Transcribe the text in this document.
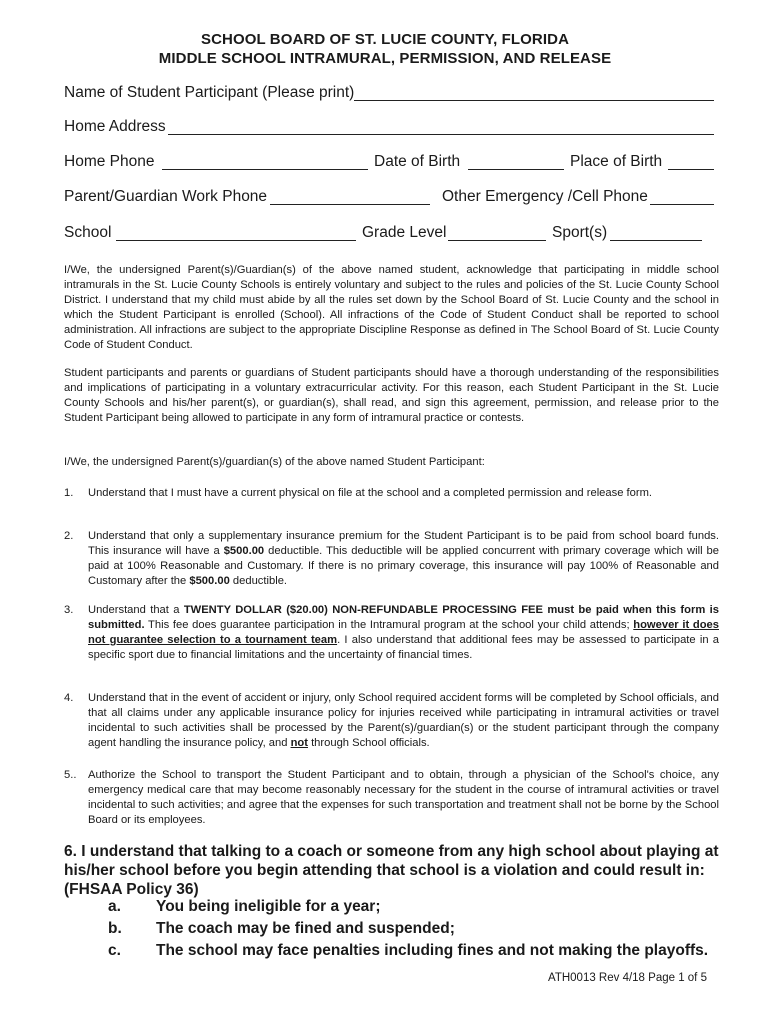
SCHOOL BOARD OF ST. LUCIE COUNTY, FLORIDA
MIDDLE SCHOOL INTRAMURAL, PERMISSION, AND RELEASE
Name of Student Participant (Please print)
Home Address
Home Phone	Date of Birth	Place of Birth
Parent/Guardian Work Phone	Other Emergency /Cell Phone
School	Grade Level	Sport(s)
I/We, the undersigned Parent(s)/Guardian(s) of the above named student, acknowledge that participating in middle school intramurals in the St. Lucie County Schools is entirely voluntary and subject to the rules and policies of the St. Lucie County School District. I understand that my child must abide by all the rules set down by the School Board of St. Lucie County and the school in which the Student Participant is enrolled (School). All infractions of the Code of Student Conduct shall be reported to school administration. All infractions are subject to the appropriate Discipline Response as defined in The School Board of St. Lucie County Code of Student Conduct.
Student participants and parents or guardians of Student participants should have a thorough understanding of the responsibilities and implications of participating in a voluntary extracurricular activity. For this reason, each Student Participant in the St. Lucie County Schools and his/her parent(s), or guardian(s), shall read, and sign this agreement, permission, and release prior to the Student Participant being allowed to participate in any form of intramural practice or contests.
I/We, the undersigned Parent(s)/guardian(s) of the above named Student Participant:
1. Understand that I must have a current physical on file at the school and a completed permission and release form.
2. Understand that only a supplementary insurance premium for the Student Participant is to be paid from school board funds. This insurance will have a $500.00 deductible. This deductible will be applied concurrent with primary coverage which will be paid at 100% Reasonable and Customary. If there is no primary coverage, this insurance will pay 100% of Reasonable and Customary after the $500.00 deductible.
3. Understand that a TWENTY DOLLAR ($20.00) NON-REFUNDABLE PROCESSING FEE must be paid when this form is submitted. This fee does guarantee participation in the Intramural program at the school your child attends; however it does not guarantee selection to a tournament team. I also understand that additional fees may be assessed to participate in a specific sport due to financial limitations and the uncertainty of financial times.
4. Understand that in the event of accident or injury, only School required accident forms will be completed by School officials, and that all claims under any applicable insurance policy for injuries received while participating in intramural activities or travel incidental to such activities shall be processed by the Parent(s)/guardian(s) or the student participant through the company agent handling the insurance policy, and not through School officials.
5.. Authorize the School to transport the Student Participant and to obtain, through a physician of the School's choice, any emergency medical care that may become reasonably necessary for the student in the course of intramural activities or travel incidental to such activities; and agree that the expenses for such transportation and treatment shall not be borne by the School Board or its employees.
6. I understand that talking to a coach or someone from any high school about playing at his/her school before you begin attending that school is a violation and could result in: (FHSAA Policy 36)
a. You being ineligible for a year;
b. The coach may be fined and suspended;
c. The school may face penalties including fines and not making the playoffs.
ATH0013 Rev 4/18 Page 1 of 5
